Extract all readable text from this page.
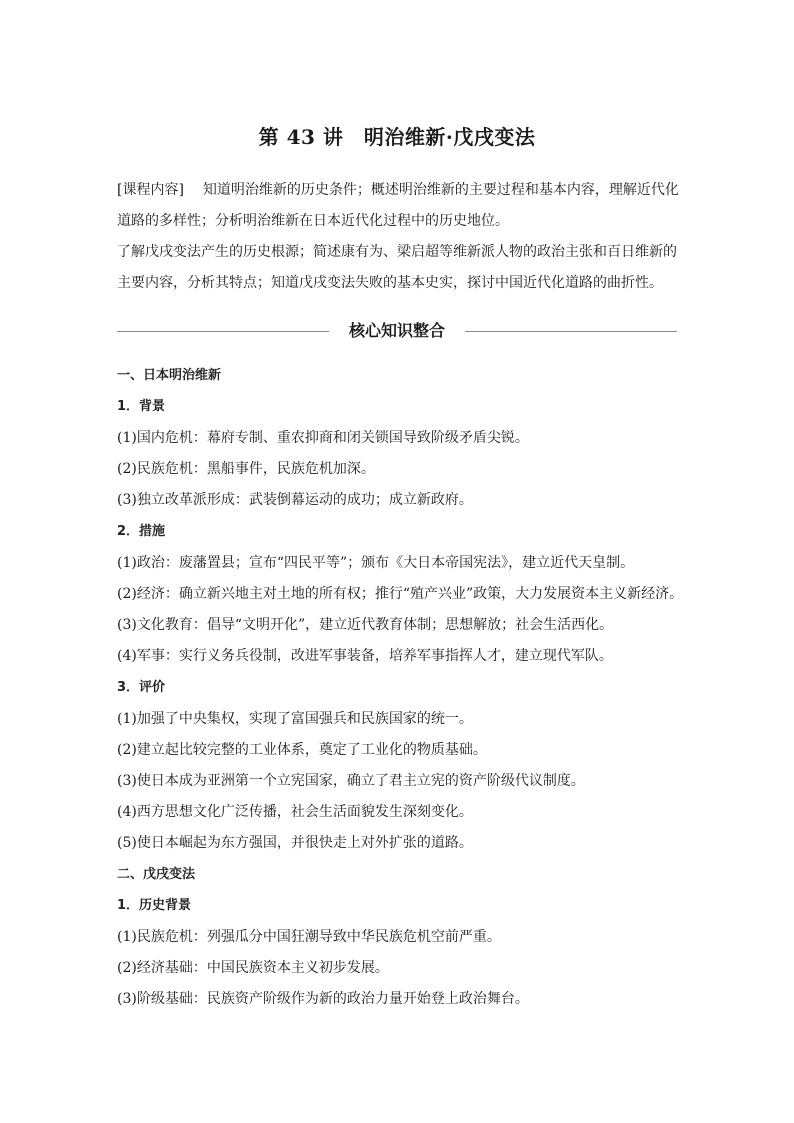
第 43 讲　明治维新·戊戌变法
[课程内容] 知道明治维新的历史条件；概述明治维新的主要过程和基本内容，理解近代化
道路的多样性；分析明治维新在日本近代化过程中的历史地位。
了解戊戌变法产生的历史根源；简述康有为、梁启超等维新派人物的政治主张和百日维新的
主要内容，分析其特点；知道戊戌变法失败的基本史实，探讨中国近代化道路的曲折性。
核心知识整合
一、日本明治维新
1．背景
(1)国内危机：幕府专制、重农抑商和闭关锁国导致阶级矛盾尖锐。
(2)民族危机：黑船事件，民族危机加深。
(3)独立改革派形成：武装倒幕运动的成功；成立新政府。
2．措施
(1)政治：废藩置县；宣布“四民平等”；颁布《大日本帝国宪法》，建立近代天皇制。
(2)经济：确立新兴地主对土地的所有权；推行“殖产兴业”政策，大力发展资本主义新经济。
(3)文化教育：倡导“文明开化”，建立近代教育体制；思想解放；社会生活西化。
(4)军事：实行义务兵役制，改进军事装备，培养军事指挥人才，建立现代军队。
3．评价
(1)加强了中央集权，实现了富国强兵和民族国家的统一。
(2)建立起比较完整的工业体系，奠定了工业化的物质基础。
(3)使日本成为亚洲第一个立宪国家，确立了君主立宪的资产阶级代议制度。
(4)西方思想文化广泛传播，社会生活面貌发生深刻变化。
(5)使日本崛起为东方强国，并很快走上对外扩张的道路。
二、戊戌变法
1．历史背景
(1)民族危机：列强瓜分中国狂潮导致中华民族危机空前严重。
(2)经济基础：中国民族资本主义初步发展。
(3)阶级基础：民族资产阶级作为新的政治力量开始登上政治舞台。
